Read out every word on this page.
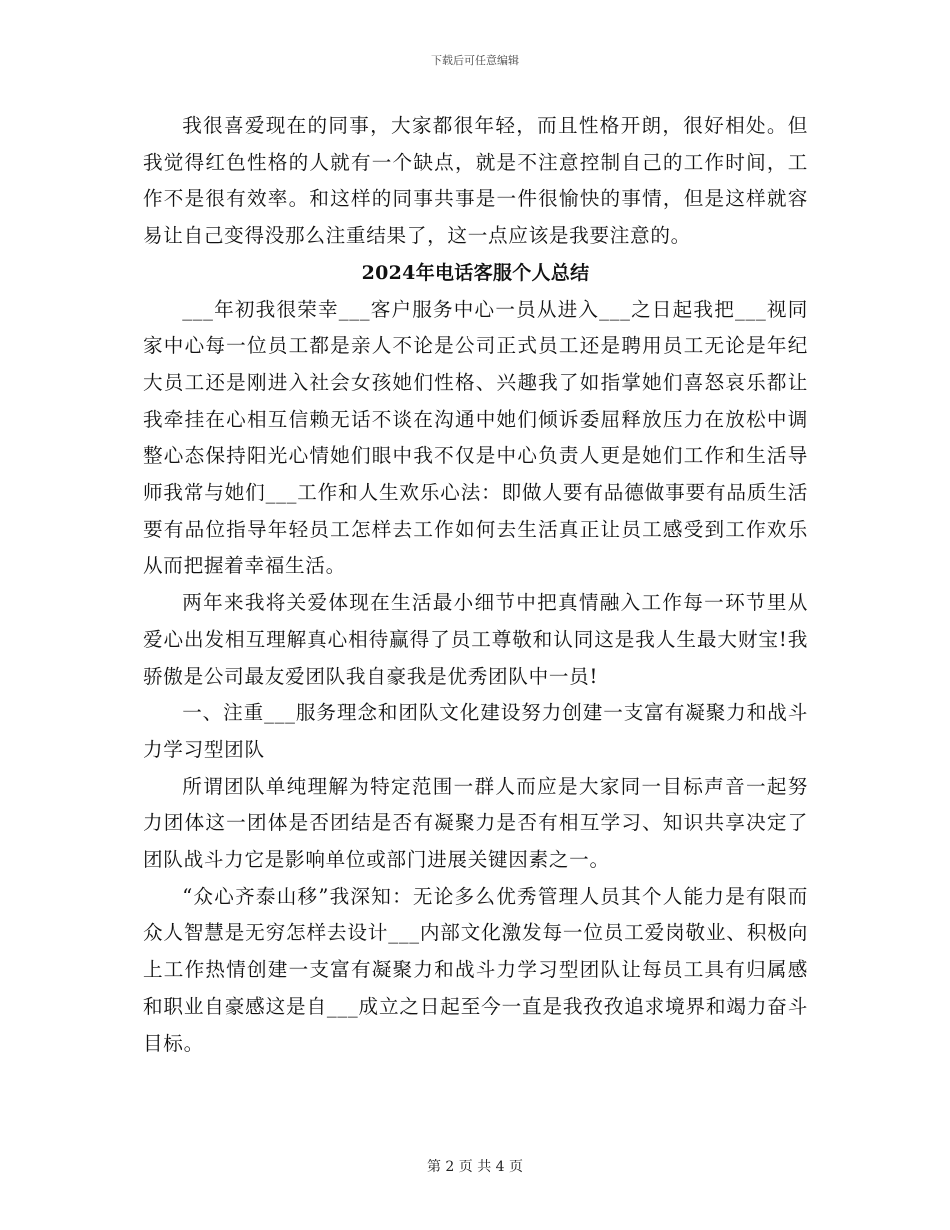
下载后可任意编辑

我很喜爱现在的同事，大家都很年轻，而且性格开朗，很好相处。但我觉得红色性格的人就有一个缺点，就是不注意控制自己的工作时间，工作不是很有效率。和这样的同事共事是一件很愉快的事情，但是这样就容易让自己变得没那么注重结果了，这一点应该是我要注意的。

2024年电话客服个人总结

___年初我很荣幸___客户服务中心一员从进入___之日起我把___视同家中心每一位员工都是亲人不论是公司正式员工还是聘用员工无论是年纪大员工还是刚进入社会女孩她们性格、兴趣我了如指掌她们喜怒哀乐都让我牵挂在心相互信赖无话不谈在沟通中她们倾诉委屈释放压力在放松中调整心态保持阳光心情她们眼中我不仅是中心负责人更是她们工作和生活导师我常与她们___工作和人生欢乐心法：即做人要有品德做事要有品质生活要有品位指导年轻员工怎样去工作如何去生活真正让员工感受到工作欢乐从而把握着幸福生活。

两年来我将关爱体现在生活最小细节中把真情融入工作每一环节里从爱心出发相互理解真心相待赢得了员工尊敬和认同这是我人生最大财宝!我骄傲是公司最友爱团队我自豪我是优秀团队中一员!

一、注重___服务理念和团队文化建设努力创建一支富有凝聚力和战斗力学习型团队

所谓团队单纯理解为特定范围一群人而应是大家同一目标声音一起努力团体这一团体是否团结是否有凝聚力是否有相互学习、知识共享决定了团队战斗力它是影响单位或部门进展关键因素之一。

“众心齐泰山移”我深知：无论多么优秀管理人员其个人能力是有限而众人智慧是无穷怎样去设计___内部文化激发每一位员工爱岗敬业、积极向上工作热情创建一支富有凝聚力和战斗力学习型团队让每员工具有归属感和职业自豪感这是自___成立之日起至今一直是我孜孜追求境界和竭力奋斗目标。

第 2 页 共 4 页
